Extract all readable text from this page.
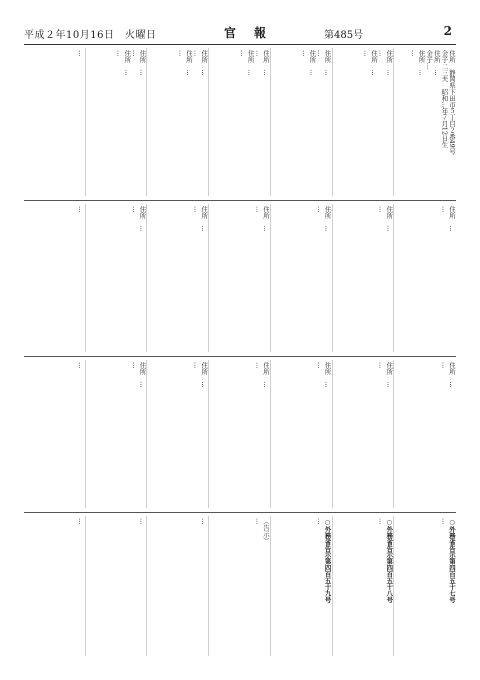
平成２年10月16日　火曜日	官報	第485号	2
住所　静岡県下田市５丁目２番49号
金子二三夫　昭和…年７月12日生
住所　…
金子…
住所　…
…
住所　…
…
住所　…
…
住所　…
…
住所　…
…
住所　…
…
住所　…
…
住所　…
…
住所　…
…
住所　…
…
住所　…
…
…
住所　…
…
住所　…
…
住所　…
…
住所　…
…
住所　…
…
住所　…
…
…
住所　…
…
住所　…
…
住所　…
…
住所　…
…
住所　…
…
住所　…
…
…
○外務省告示第四百五十七号
…
○外務省告示第四百五十八号
…
○外務省告示第四百五十九号
…
（告示）
…
…
…
…
